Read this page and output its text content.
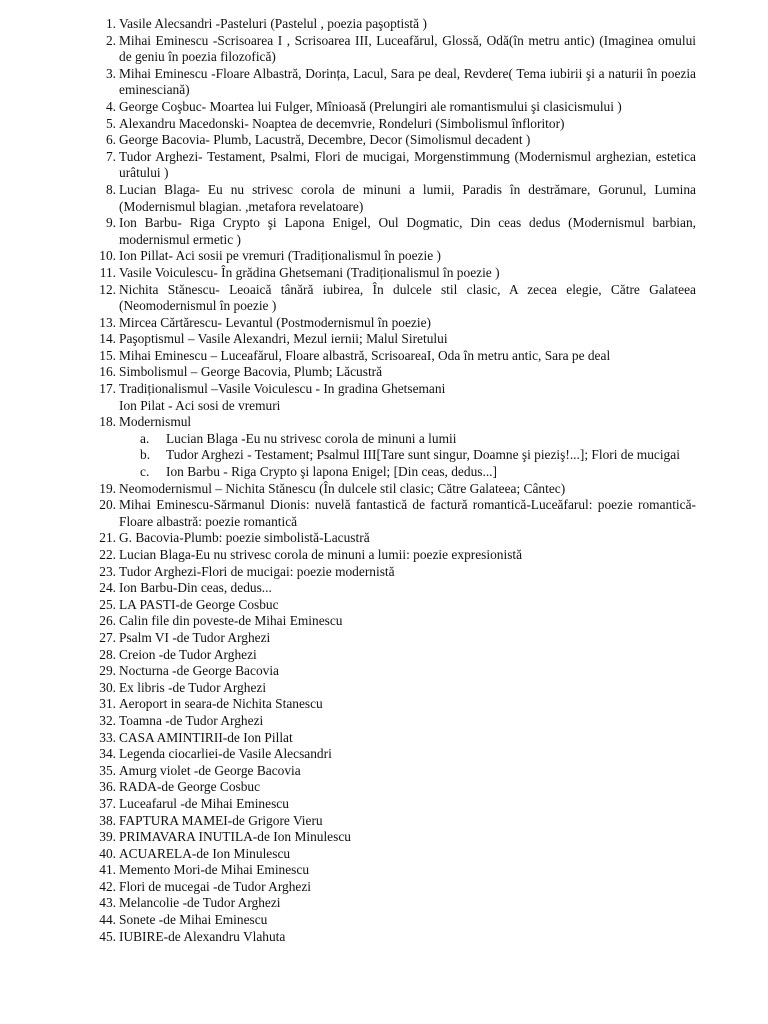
1. Vasile Alecsandri -Pasteluri (Pastelul , poezia paşoptistă )
2. Mihai Eminescu -Scrisoarea I , Scrisoarea III, Luceafărul, Glossă, Odă(în metru antic) (Imaginea omului de geniu în poezia filozofică)
3. Mihai Eminescu -Floare Albastră, Dorința, Lacul, Sara pe deal, Revdere( Tema iubirii şi a naturii în poezia eminesciană)
4. George Coşbuc- Moartea lui Fulger, Mînioasă (Prelungiri ale romantismului şi clasicismului )
5. Alexandru Macedonski- Noaptea de decemvrie, Rondeluri (Simbolismul înfloritor)
6. George Bacovia- Plumb, Lacustră, Decembre, Decor (Simolismul decadent )
7. Tudor Arghezi- Testament, Psalmi, Flori de mucigai, Morgenstimmung (Modernismul arghezian, estetica urâtului )
8. Lucian Blaga- Eu nu strivesc corola de minuni a lumii, Paradis în destrămare, Gorunul, Lumina (Modernismul blagian. ,metafora revelatoare)
9. Ion Barbu- Riga Crypto şi Lapona Enigel, Oul Dogmatic, Din ceas dedus (Modernismul barbian, modernismul ermetic )
10. Ion Pillat- Aci sosii pe vremuri (Tradiționalismul în poezie )
11. Vasile Voiculescu- În grădina Ghetsemani (Tradiționalismul în poezie )
12. Nichita Stănescu- Leoaică tânără iubirea, În dulcele stil clasic, A zecea elegie, Către Galateea (Neomodernismul în poezie )
13. Mircea Cărtărescu- Levantul (Postmodernismul în poezie)
14. Paşoptismul – Vasile Alexandri, Mezul iernii; Malul Siretului
15. Mihai Eminescu – Luceafărul, Floare albastră, ScrisoareaI, Oda în metru antic, Sara pe deal
16. Simbolismul – George Bacovia, Plumb; Lăcustră
17. Tradiționalismul –Vasile Voiculescu - In gradina Ghetsemani
Ion Pilat - Aci sosi de vremuri
18. Modernismul
a.	Lucian Blaga -Eu nu strivesc corola de minuni a lumii
b.	Tudor Arghezi - Testament; Psalmul III[Tare sunt singur, Doamne şi pieziş!...]; Flori de mucigai
c.	Ion Barbu - Riga Crypto şi lapona Enigel; [Din ceas, dedus...]
19. Neomodernismul – Nichita Stănescu (În dulcele stil clasic; Către Galateea; Cântec)
20. Mihai Eminescu-Sărmanul Dionis: nuvelă fantastică de factură romantică-Luceăfarul: poezie romantică-Floare albastră: poezie romantică
21. G. Bacovia-Plumb: poezie simbolistă-Lacustră
22. Lucian Blaga-Eu nu strivesc corola de minuni a lumii: poezie expresionistă
23. Tudor Arghezi-Flori de mucigai: poezie modernistă
24. Ion Barbu-Din ceas, dedus...
25. LA PASTI-de George Cosbuc
26. Calin file din poveste-de Mihai Eminescu
27. Psalm VI -de Tudor Arghezi
28. Creion -de Tudor Arghezi
29. Nocturna -de George Bacovia
30. Ex libris -de Tudor Arghezi
31. Aeroport in seara-de Nichita Stanescu
32. Toamna -de Tudor Arghezi
33. CASA AMINTIRII-de Ion Pillat
34. Legenda ciocarliei-de Vasile Alecsandri
35. Amurg violet -de George Bacovia
36. RADA-de George Cosbuc
37. Luceafarul -de Mihai Eminescu
38. FAPTURA MAMEI-de Grigore Vieru
39. PRIMAVARA INUTILA-de Ion Minulescu
40. ACUARELA-de Ion Minulescu
41. Memento Mori-de Mihai Eminescu
42. Flori de mucegai -de Tudor Arghezi
43. Melancolie -de Tudor Arghezi
44. Sonete -de Mihai Eminescu
45. IUBIRE-de Alexandru Vlahuta
